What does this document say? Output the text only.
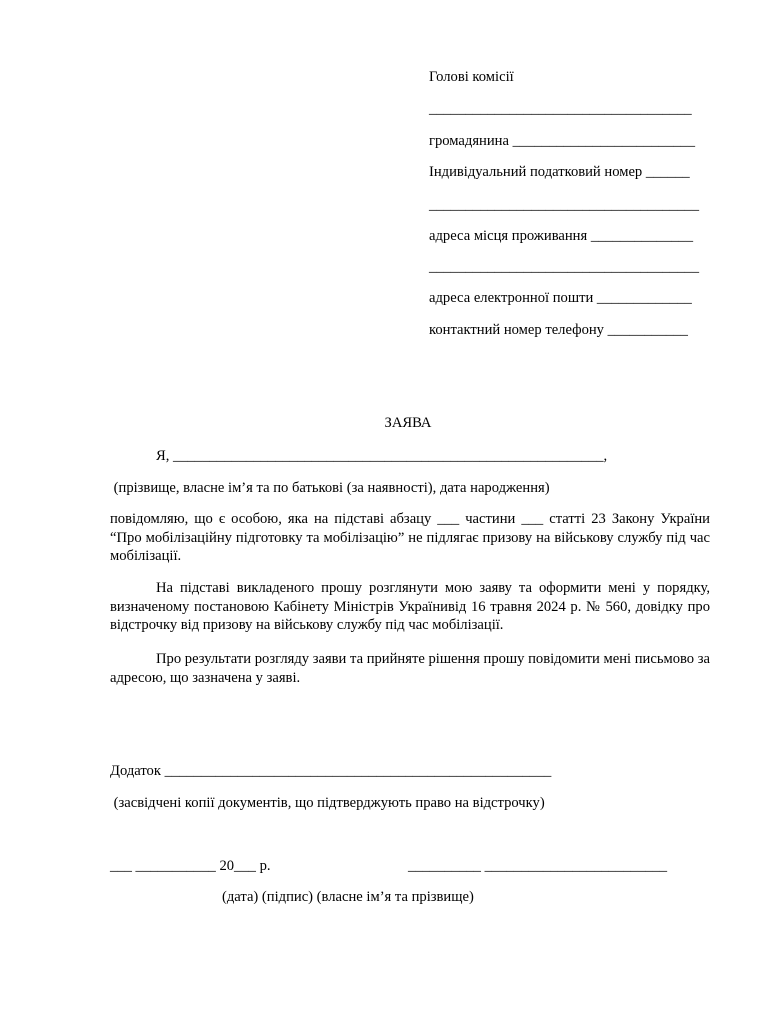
Голові комісії
____________________________________
громадянина _________________________
Індивідуальний податковий номер ______
_____________________________________
адреса місця проживання ______________
_____________________________________
адреса електронної пошти _____________
контактний номер телефону ___________
ЗАЯВА
Я, ___________________________________________________________,
(прізвище, власне ім’я та по батькові (за наявності), дата народження)
повідомляю, що є особою, яка на підставі абзацу ___ частини ___ статті 23 Закону України “Про мобілізаційну підготовку та мобілізацію” не підлягає призову на військову службу під час мобілізації.
На підставі викладеного прошу розглянути мою заяву та оформити мені у порядку, визначеному постановою Кабінету Міністрів Українивід 16 травня 2024 р. № 560, довідку про відстрочку від призову на військову службу під час мобілізації.
Про результати розгляду заяви та прийняте рішення прошу повідомити мені письмово за адресою, що зазначена у заяві.
Додаток _____________________________________________________
(засвідчені копії документів, що підтверджують право на відстрочку)
___ ___________ 20___ р.	__________ _________________________
(дата) (підпис) (власне ім’я та прізвище)
